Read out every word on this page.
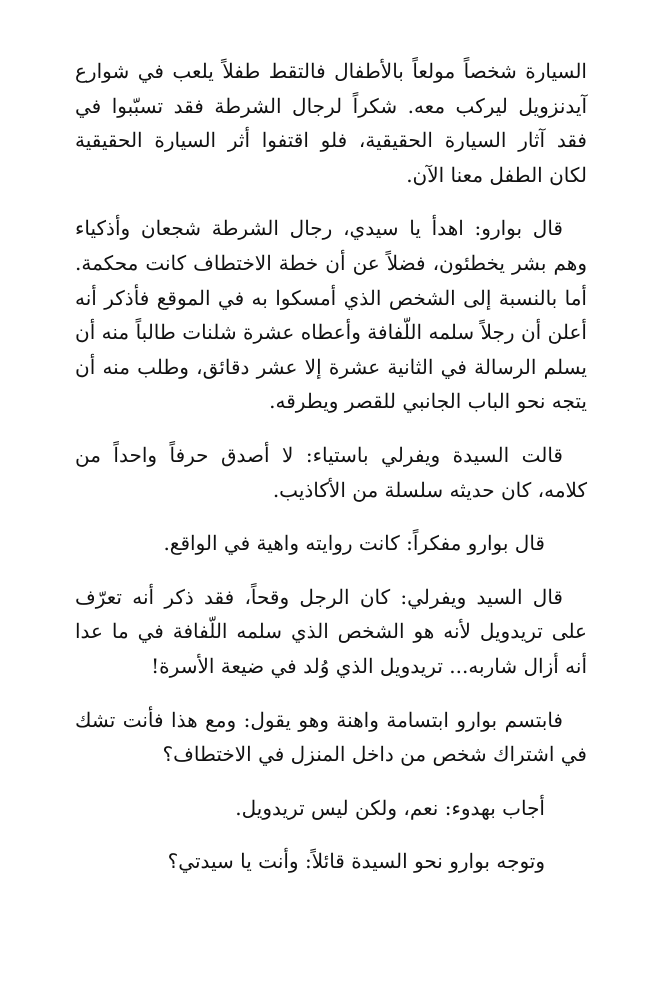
السيارة شخصاً مولعاً بالأطفال فالتقط طفلاً يلعب في شوارع آيدنزويل ليركب معه. شكراً لرجال الشرطة فقد تسبّبوا في فقد آثار السيارة الحقيقية، فلو اقتفوا أثر السيارة الحقيقية لكان الطفل معنا الآن.

قال بوارو: اهدأ يا سيدي، رجال الشرطة شجعان وأذكياء وهم بشر يخطئون، فضلاً عن أن خطة الاختطاف كانت محكمة. أما بالنسبة إلى الشخص الذي أمسكوا به في الموقع فأذكر أنه أعلن أن رجلاً سلمه اللّفافة وأعطاه عشرة شلنات طالباً منه أن يسلم الرسالة في الثانية عشرة إلا عشر دقائق، وطلب منه أن يتجه نحو الباب الجانبي للقصر ويطرقه.

قالت السيدة ويفرلي باستياء: لا أصدق حرفاً واحداً من كلامه، كان حديثه سلسلة من الأكاذيب.

قال بوارو مفكراً: كانت روايته واهية في الواقع.

قال السيد ويفرلي: كان الرجل وقحاً، فقد ذكر أنه تعرّف على تريدويل لأنه هو الشخص الذي سلمه اللّفافة في ما عدا أنه أزال شاربه... تريدويل الذي وُلد في ضيعة الأسرة!

فابتسم بوارو ابتسامة واهنة وهو يقول: ومع هذا فأنت تشك في اشتراك شخص من داخل المنزل في الاختطاف؟

أجاب بهدوء: نعم، ولكن ليس تريدويل.

وتوجه بوارو نحو السيدة قائلاً: وأنت يا سيدتي؟
